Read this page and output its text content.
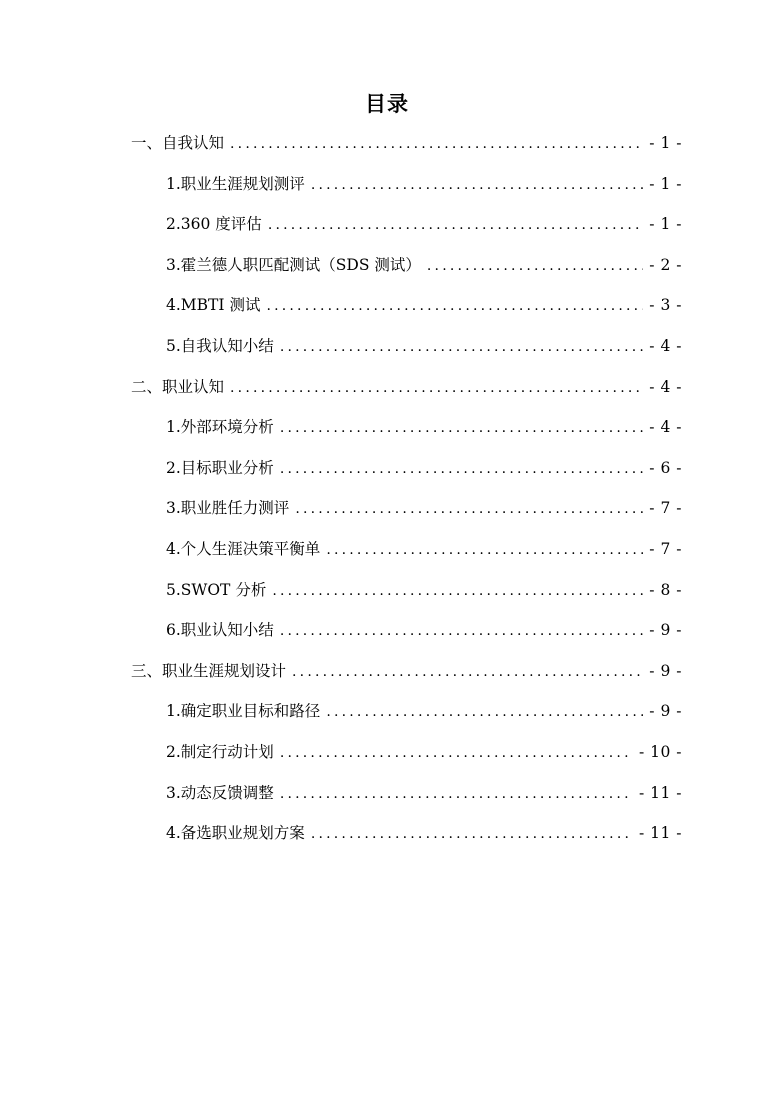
目录
一、 自我认知 .....	- 1 -
1. 职业生涯规划测评 .....	- 1 -
2. 360 度评估 .....	- 1 -
3. 霍兰德人职匹配测试（SDS 测试） .....	- 2 -
4. MBTI 测试 .....	- 3 -
5. 自我认知小结 .....	- 4 -
二、 职业认知 .....	- 4 -
1. 外部环境分析 .....	- 4 -
2. 目标职业分析 .....	- 6 -
3. 职业胜任力测评 .....	- 7 -
4. 个人生涯决策平衡单 .....	- 7 -
5. SWOT 分析 .....	- 8 -
6. 职业认知小结 .....	- 9 -
三、 职业生涯规划设计 .....	- 9 -
1. 确定职业目标和路径 .....	- 9 -
2. 制定行动计划 .....	- 10 -
3. 动态反馈调整 .....	- 11 -
4. 备选职业规划方案 .....	- 11 -
